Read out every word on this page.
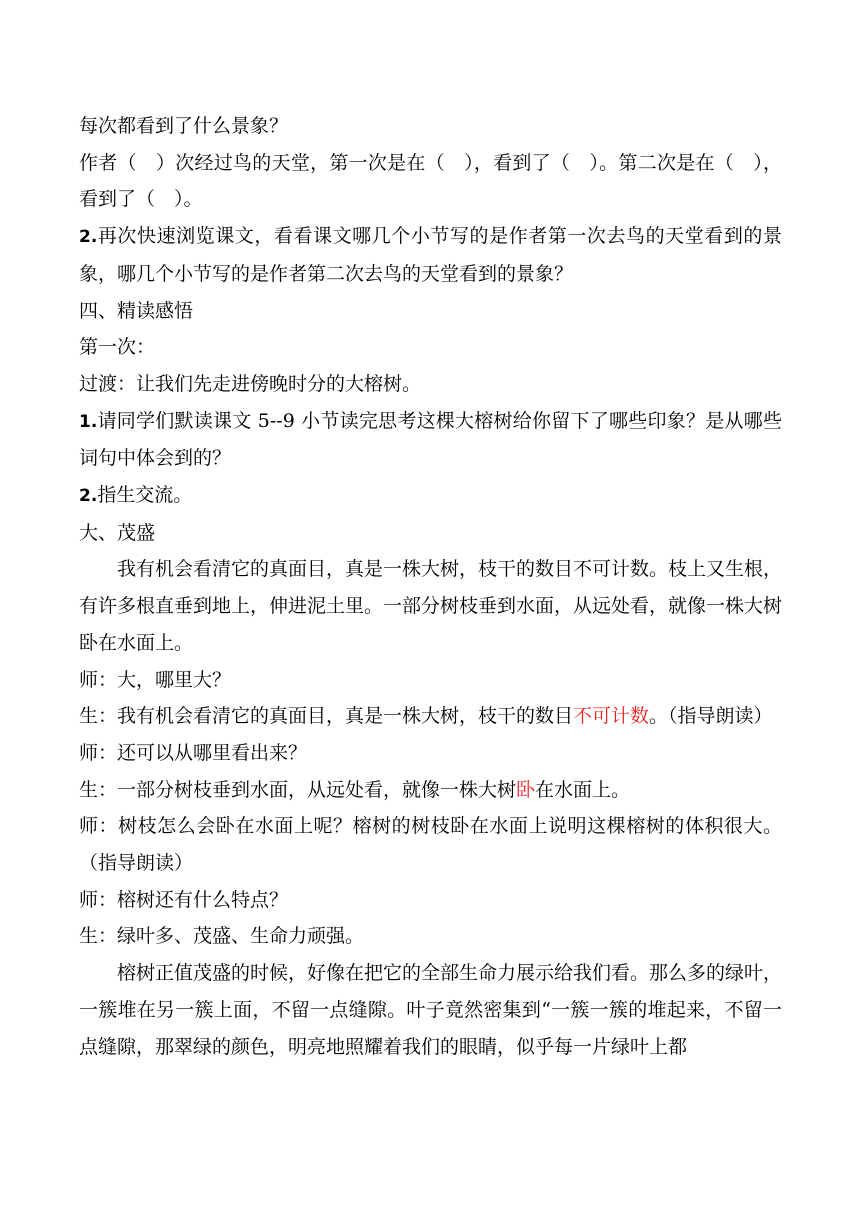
每次都看到了什么景象？

作者（　）次经过鸟的天堂，第一次是在（　），看到了（　）。第二次是在（　），看到了（　）。

2.再次快速浏览课文，看看课文哪几个小节写的是作者第一次去鸟的天堂看到的景象，哪几个小节写的是作者第二次去鸟的天堂看到的景象？

四、精读感悟

第一次：

过渡：让我们先走进傍晚时分的大榕树。

1.请同学们默读课文 5--9 小节读完思考这棵大榕树给你留下了哪些印象？是从哪些词句中体会到的？

2.指生交流。

大、茂盛

我有机会看清它的真面目，真是一株大树，枝干的数目不可计数。枝上又生根，有许多根直垂到地上，伸进泥土里。一部分树枝垂到水面，从远处看，就像一株大树卧在水面上。

师：大，哪里大？

生：我有机会看清它的真面目，真是一株大树，枝干的数目不可计数。（指导朗读）

师：还可以从哪里看出来？

生：一部分树枝垂到水面，从远处看，就像一株大树卧在水面上。

师：树枝怎么会卧在水面上呢？榕树的树枝卧在水面上说明这棵榕树的体积很大。（指导朗读）

师：榕树还有什么特点？

生：绿叶多、茂盛、生命力顽强。

榕树正值茂盛的时候，好像在把它的全部生命力展示给我们看。那么多的绿叶，一簇堆在另一簇上面，不留一点缝隙。叶子竟然密集到“一簇一簇的堆起来，不留一点缝隙，那翠绿的颜色，明亮地照耀着我们的眼睛，似乎每一片绿叶上都
